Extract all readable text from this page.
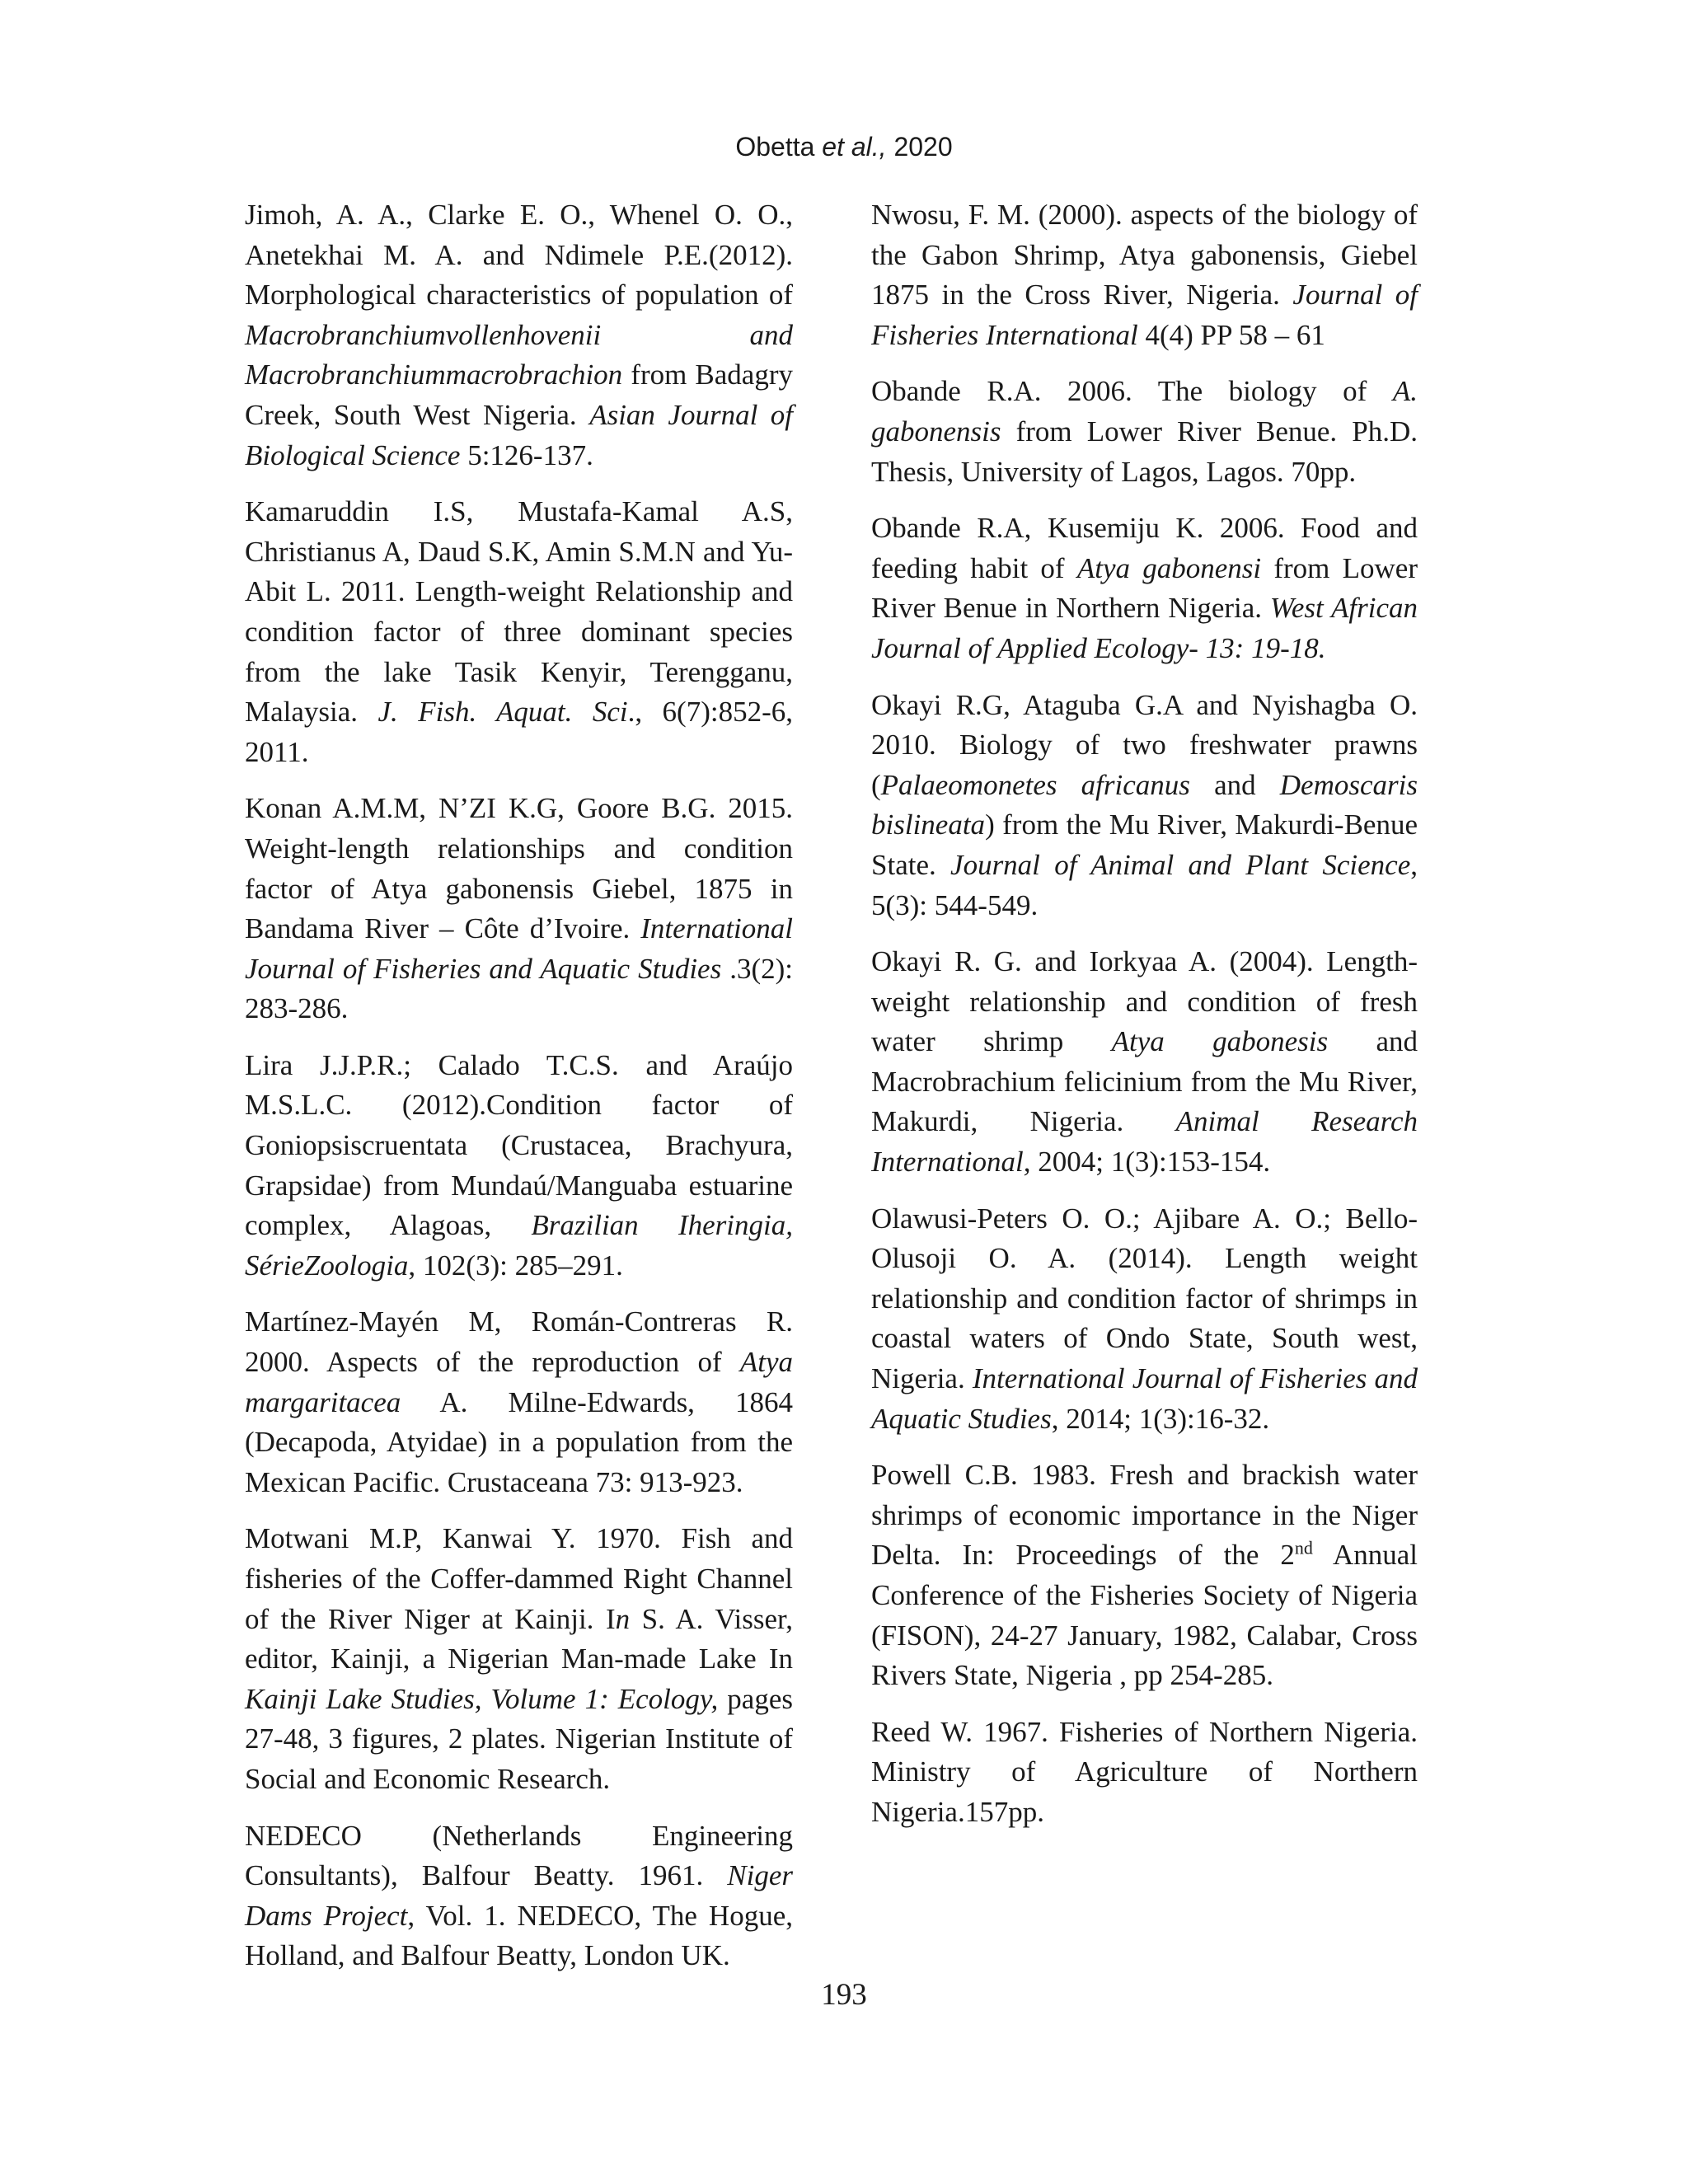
Obetta et al., 2020

Jimoh, A. A., Clarke E. O., Whenel O. O., Anetekhai M. A. and Ndimele P.E.(2012). Morphological characteristics of population of Macrobranchiumvollenhovenii and Macrobranchiummacrobrachion from Badagry Creek, South West Nigeria. Asian Journal of Biological Science 5:126-137.

Kamaruddin I.S, Mustafa-Kamal A.S, Christianus A, Daud S.K, Amin S.M.N and Yu-Abit L. 2011. Length-weight Relationship and condition factor of three dominant species from the lake Tasik Kenyir, Terengganu, Malaysia. J. Fish. Aquat. Sci., 6(7):852-6, 2011.

Konan A.M.M, N’ZI K.G, Goore B.G. 2015. Weight-length relationships and condition factor of Atya gabonensis Giebel, 1875 in Bandama River – Côte d’Ivoire. International Journal of Fisheries and Aquatic Studies .3(2): 283-286.

Lira J.J.P.R.; Calado T.C.S. and Araújo M.S.L.C. (2012).Condition factor of Goniopsiscruentata (Crustacea, Brachyura, Grapsidae) from Mundaú/Manguaba estuarine complex, Alagoas, Brazilian Iheringia, SérieZoologia, 102(3): 285–291.

Martínez-Mayén M, Román-Contreras R. 2000. Aspects of the reproduction of Atya margaritacea A. Milne-Edwards, 1864 (Decapoda, Atyidae) in a population from the Mexican Pacific. Crustaceana 73: 913-923.

Motwani M.P, Kanwai Y. 1970. Fish and fisheries of the Coffer-dammed Right Channel of the River Niger at Kainji. In S. A. Visser, editor, Kainji, a Nigerian Man-made Lake In Kainji Lake Studies, Volume 1: Ecology, pages 27-48, 3 figures, 2 plates. Nigerian Institute of Social and Economic Research.

NEDECO (Netherlands Engineering Consultants), Balfour Beatty. 1961. Niger Dams Project, Vol. 1. NEDECO, The Hogue, Holland, and Balfour Beatty, London UK.

Nwosu, F. M. (2000). aspects of the biology of the Gabon Shrimp, Atya gabonensis, Giebel 1875 in the Cross River, Nigeria. Journal of Fisheries International 4(4) PP 58 – 61

Obande R.A. 2006. The biology of A. gabonensis from Lower River Benue. Ph.D. Thesis, University of Lagos, Lagos. 70pp.

Obande R.A, Kusemiju K. 2006. Food and feeding habit of Atya gabonensi from Lower River Benue in Northern Nigeria. West African Journal of Applied Ecology- 13: 19-18.

Okayi R.G, Ataguba G.A and Nyishagba O. 2010. Biology of two freshwater prawns (Palaeomonetes africanus and Demoscaris bislineata) from the Mu River, Makurdi-Benue State. Journal of Animal and Plant Science, 5(3): 544-549.

Okayi R. G. and Iorkyaa A. (2004). Length-weight relationship and condition of fresh water shrimp Atya gabonesis and Macrobrachium felicinium from the Mu River, Makurdi, Nigeria. Animal Research International, 2004; 1(3):153-154.

Olawusi-Peters O. O.; Ajibare A. O.; Bello-Olusoji O. A. (2014). Length weight relationship and condition factor of shrimps in coastal waters of Ondo State, South west, Nigeria. International Journal of Fisheries and Aquatic Studies, 2014; 1(3):16-32.

Powell C.B. 1983. Fresh and brackish water shrimps of economic importance in the Niger Delta. In: Proceedings of the 2nd Annual Conference of the Fisheries Society of Nigeria (FISON), 24-27 January, 1982, Calabar, Cross Rivers State, Nigeria , pp 254-285.

Reed W. 1967. Fisheries of Northern Nigeria. Ministry of Agriculture of Northern Nigeria.157pp.

193
